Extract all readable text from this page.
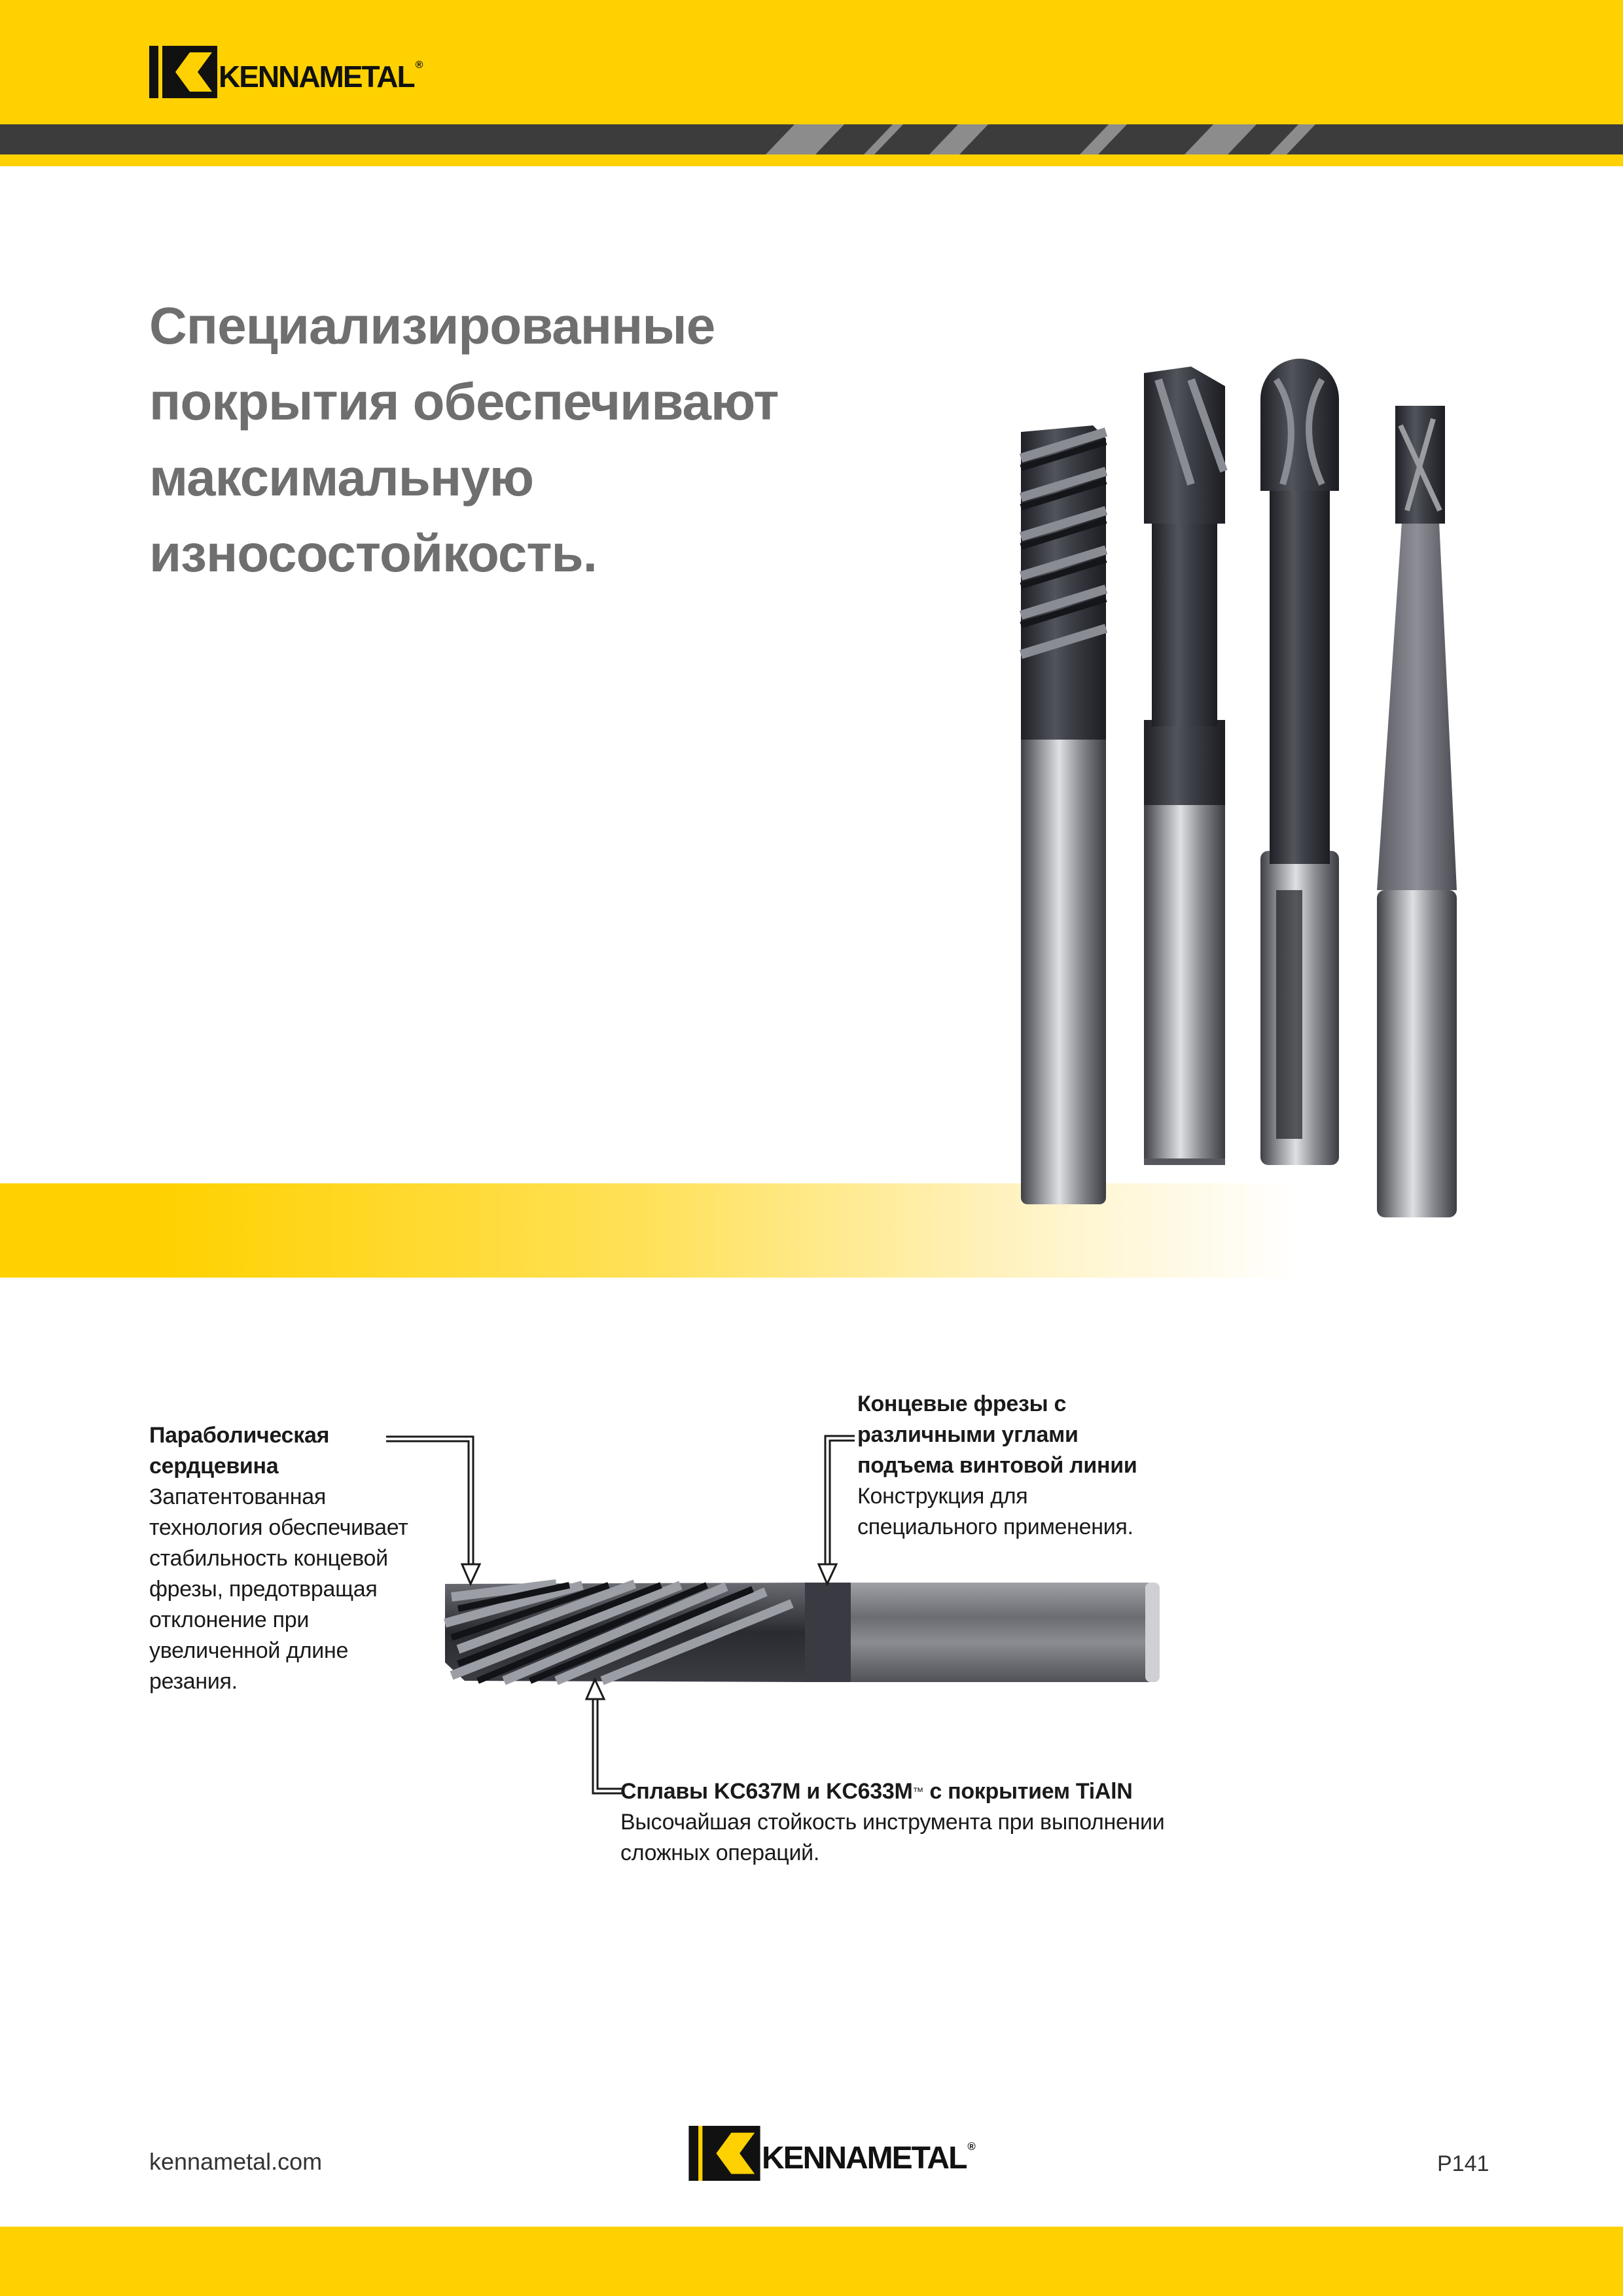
KENNAMETAL ®
Специализированные
покрытия обеспечивают
максимальную
износостойкость.
Параболическая
сердцевина
Запатентованная
технология обеспечивает
стабильность концевой
фрезы, предотвращая
отклонение при
увеличенной длине
резания.
Концевые фрезы с
различными углами
подъема винтовой линии
Конструкция для
специального применения.
Сплавы KC637M и KC633M™ с покрытием TiAlN
Высочайшая стойкость инструмента при выполнении
сложных операций.
kennametal.com	KENNAMETAL ®
P141
